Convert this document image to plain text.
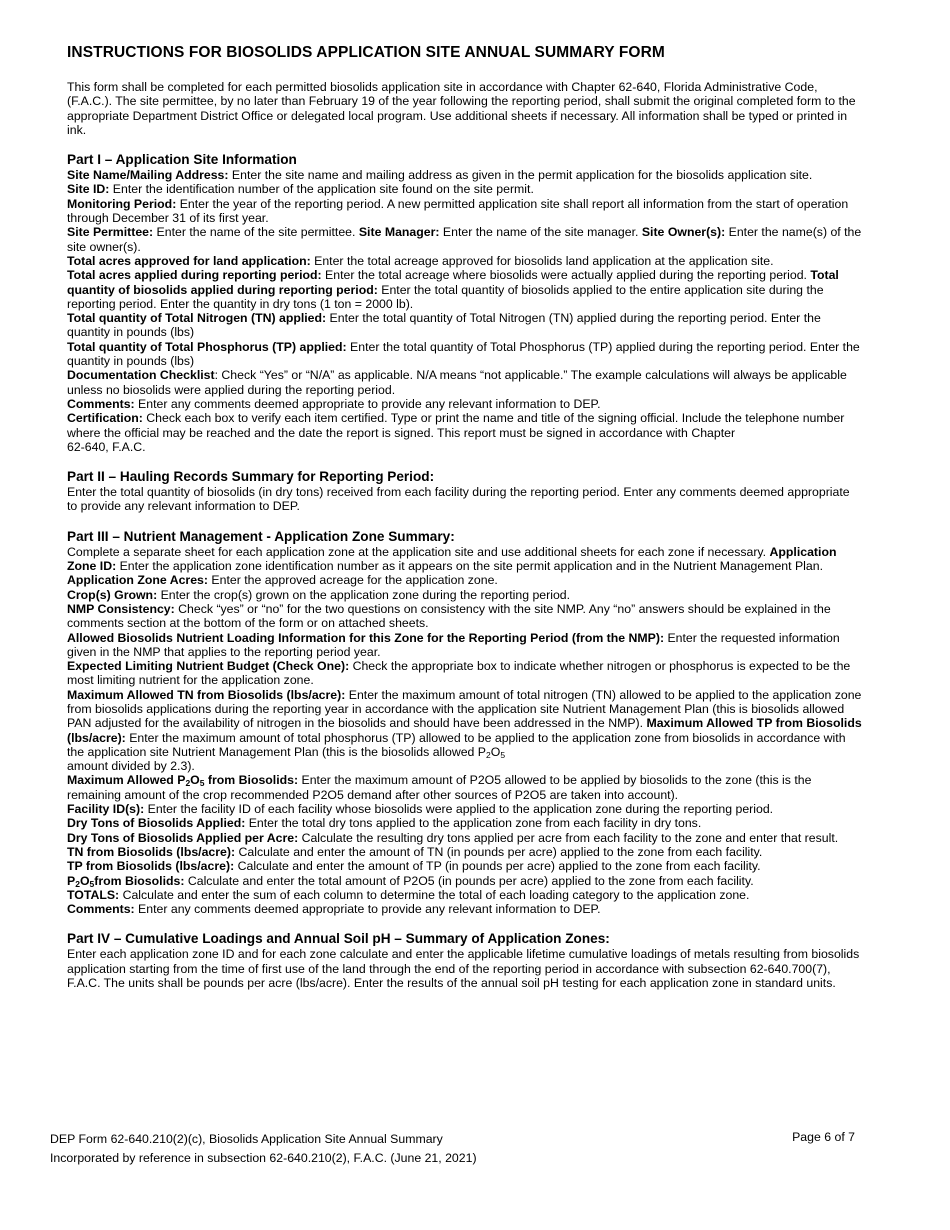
INSTRUCTIONS FOR BIOSOLIDS APPLICATION SITE ANNUAL SUMMARY FORM

This form shall be completed for each permitted biosolids application site in accordance with Chapter 62-640, Florida Administrative Code, (F.A.C.). The site permittee, by no later than February 19 of the year following the reporting period, shall submit the original completed form to the appropriate Department District Office or delegated local program. Use additional sheets if necessary. All information shall be typed or printed in ink.

Part I – Application Site Information

Site Name/Mailing Address: Enter the site name and mailing address as given in the permit application for the biosolids application site.

Site ID: Enter the identification number of the application site found on the site permit.

Monitoring Period: Enter the year of the reporting period. A new permitted application site shall report all information from the start of operation through December 31 of its first year.

Site Permittee: Enter the name of the site permittee. Site Manager: Enter the name of the site manager. Site Owner(s): Enter the name(s) of the site owner(s).

Total acres approved for land application: Enter the total acreage approved for biosolids land application at the application site.

Total acres applied during reporting period: Enter the total acreage where biosolids were actually applied during the reporting period. Total quantity of biosolids applied during reporting period: Enter the total quantity of biosolids applied to the entire application site during the reporting period. Enter the quantity in dry tons (1 ton = 2000 lb).

Total quantity of Total Nitrogen (TN) applied: Enter the total quantity of Total Nitrogen (TN) applied during the reporting period. Enter the quantity in pounds (lbs)

Total quantity of Total Phosphorus (TP) applied: Enter the total quantity of Total Phosphorus (TP) applied during the reporting period. Enter the quantity in pounds (lbs)

Documentation Checklist: Check “Yes” or “N/A” as applicable. N/A means “not applicable.” The example calculations will always be applicable unless no biosolids were applied during the reporting period.

Comments: Enter any comments deemed appropriate to provide any relevant information to DEP.

Certification: Check each box to verify each item certified. Type or print the name and title of the signing official. Include the telephone number where the official may be reached and the date the report is signed. This report must be signed in accordance with Chapter
62-640, F.A.C.

Part II – Hauling Records Summary for Reporting Period:

Enter the total quantity of biosolids (in dry tons) received from each facility during the reporting period. Enter any comments deemed appropriate to provide any relevant information to DEP.

Part III – Nutrient Management - Application Zone Summary:

Complete a separate sheet for each application zone at the application site and use additional sheets for each zone if necessary. Application Zone ID: Enter the application zone identification number as it appears on the site permit application and in the Nutrient Management Plan.

Application Zone Acres: Enter the approved acreage for the application zone.

Crop(s) Grown: Enter the crop(s) grown on the application zone during the reporting period.

NMP Consistency: Check “yes” or “no” for the two questions on consistency with the site NMP. Any “no” answers should be explained in the comments section at the bottom of the form or on attached sheets.

Allowed Biosolids Nutrient Loading Information for this Zone for the Reporting Period (from the NMP): Enter the requested information given in the NMP that applies to the reporting period year.

Expected Limiting Nutrient Budget (Check One): Check the appropriate box to indicate whether nitrogen or phosphorus is expected to be the most limiting nutrient for the application zone.

Maximum Allowed TN from Biosolids (lbs/acre): Enter the maximum amount of total nitrogen (TN) allowed to be applied to the application zone from biosolids applications during the reporting year in accordance with the application site Nutrient Management Plan (this is biosolids allowed PAN adjusted for the availability of nitrogen in the biosolids and should have been addressed in the NMP). Maximum Allowed TP from Biosolids (lbs/acre): Enter the maximum amount of total phosphorus (TP) allowed to be applied to the application zone from biosolids in accordance with the application site Nutrient Management Plan (this is the biosolids allowed $P_2O_5$
amount divided by 2.3).

Maximum Allowed $P_2O_5$ from Biosolids: Enter the maximum amount of P2O5 allowed to be applied by biosolids to the zone (this is the remaining amount of the crop recommended P2O5 demand after other sources of P2O5 are taken into account).

Facility ID(s): Enter the facility ID of each facility whose biosolids were applied to the application zone during the reporting period.

Dry Tons of Biosolids Applied: Enter the total dry tons applied to the application zone from each facility in dry tons.

Dry Tons of Biosolids Applied per Acre: Calculate the resulting dry tons applied per acre from each facility to the zone and enter that result.

TN from Biosolids (lbs/acre): Calculate and enter the amount of TN (in pounds per acre) applied to the zone from each facility.

TP from Biosolids (lbs/acre): Calculate and enter the amount of TP (in pounds per acre) applied to the zone from each facility.

$P_2O_5from$ Biosolids: Calculate and enter the total amount of P2O5 (in pounds per acre) applied to the zone from each facility.

TOTALS: Calculate and enter the sum of each column to determine the total of each loading category to the application zone.

Comments: Enter any comments deemed appropriate to provide any relevant information to DEP.

Part IV – Cumulative Loadings and Annual Soil pH – Summary of Application Zones:

Enter each application zone ID and for each zone calculate and enter the applicable lifetime cumulative loadings of metals resulting from biosolids application starting from the time of first use of the land through the end of the reporting period in accordance with subsection 62-640.700(7), F.A.C. The units shall be pounds per acre (lbs/acre). Enter the results of the annual soil pH testing for each application zone in standard units.

DEP Form 62-640.210(2)(c), Biosolids Application Site Annual Summary
Incorporated by reference in subsection 62-640.210(2), F.A.C. (June 21, 2021)
Page 6 of 7
